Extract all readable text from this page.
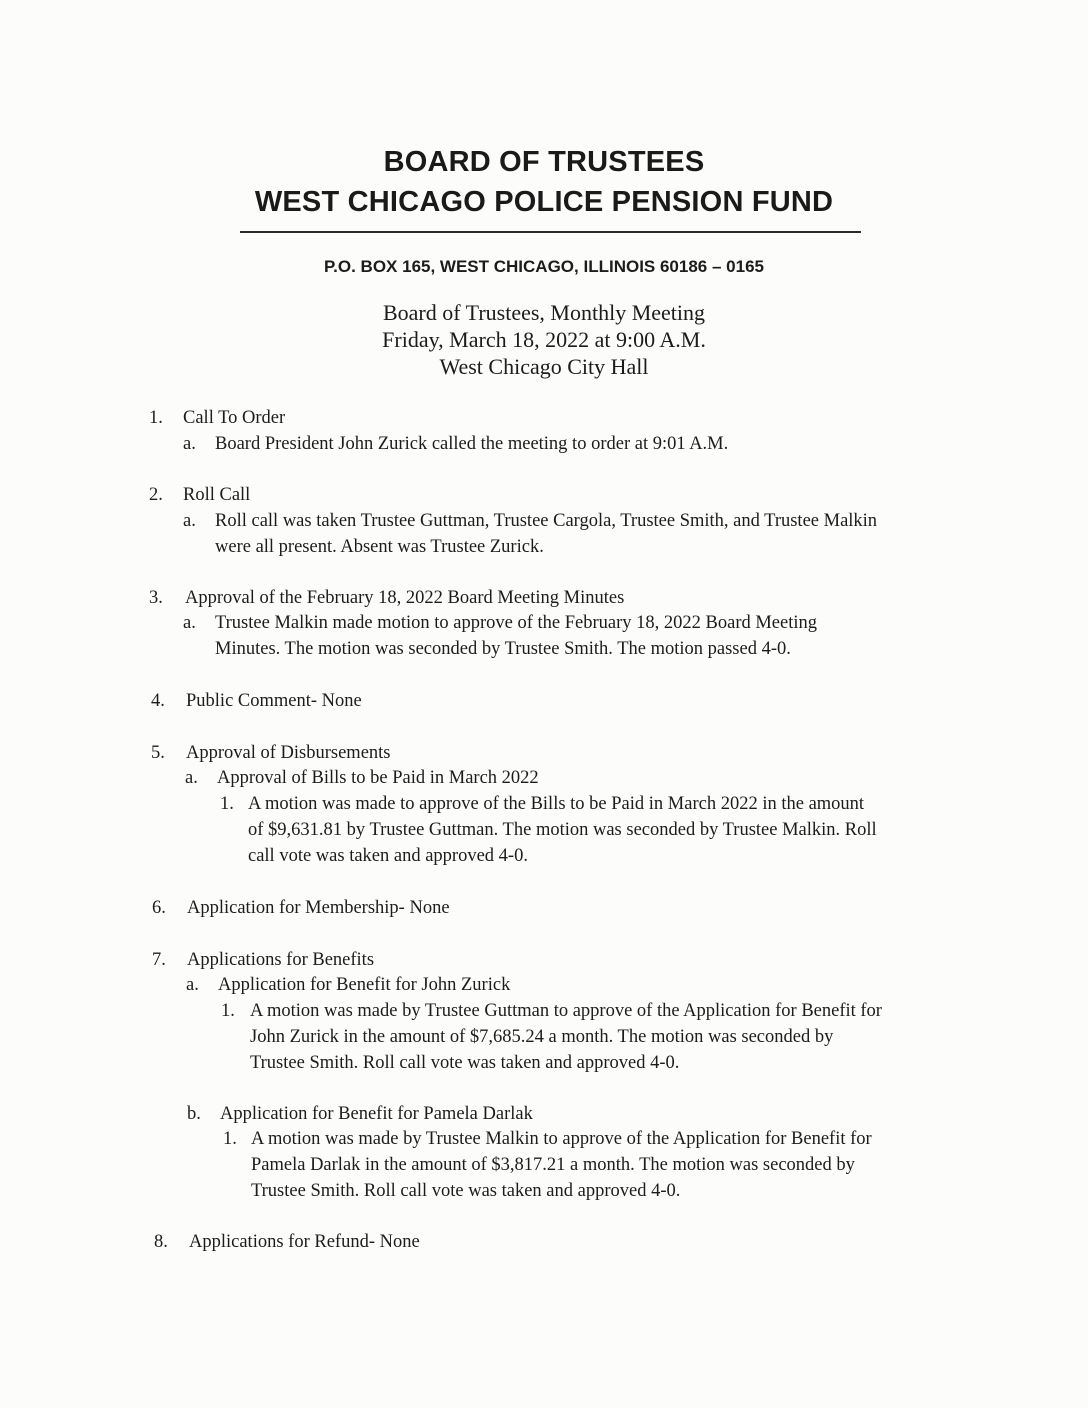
BOARD OF TRUSTEES
WEST CHICAGO POLICE PENSION FUND
P.O. BOX 165, WEST CHICAGO, ILLINOIS 60186 – 0165
Board of Trustees, Monthly Meeting
Friday, March 18, 2022 at 9:00 A.M.
West Chicago City Hall
1. Call To Order
a. Board President John Zurick called the meeting to order at 9:01 A.M.
2. Roll Call
a. Roll call was taken Trustee Guttman, Trustee Cargola, Trustee Smith, and Trustee Malkin
were all present. Absent was Trustee Zurick.
3. Approval of the February 18, 2022 Board Meeting Minutes
a. Trustee Malkin made motion to approve of the February 18, 2022 Board Meeting
Minutes. The motion was seconded by Trustee Smith. The motion passed 4-0.
4. Public Comment- None
5. Approval of Disbursements
a. Approval of Bills to be Paid in March 2022
1. A motion was made to approve of the Bills to be Paid in March 2022 in the amount
of $9,631.81 by Trustee Guttman. The motion was seconded by Trustee Malkin. Roll
call vote was taken and approved 4-0.
6. Application for Membership- None
7. Applications for Benefits
a. Application for Benefit for John Zurick
1. A motion was made by Trustee Guttman to approve of the Application for Benefit for
John Zurick in the amount of $7,685.24 a month. The motion was seconded by
Trustee Smith. Roll call vote was taken and approved 4-0.
b. Application for Benefit for Pamela Darlak
1. A motion was made by Trustee Malkin to approve of the Application for Benefit for
Pamela Darlak in the amount of $3,817.21 a month. The motion was seconded by
Trustee Smith. Roll call vote was taken and approved 4-0.
8. Applications for Refund- None
